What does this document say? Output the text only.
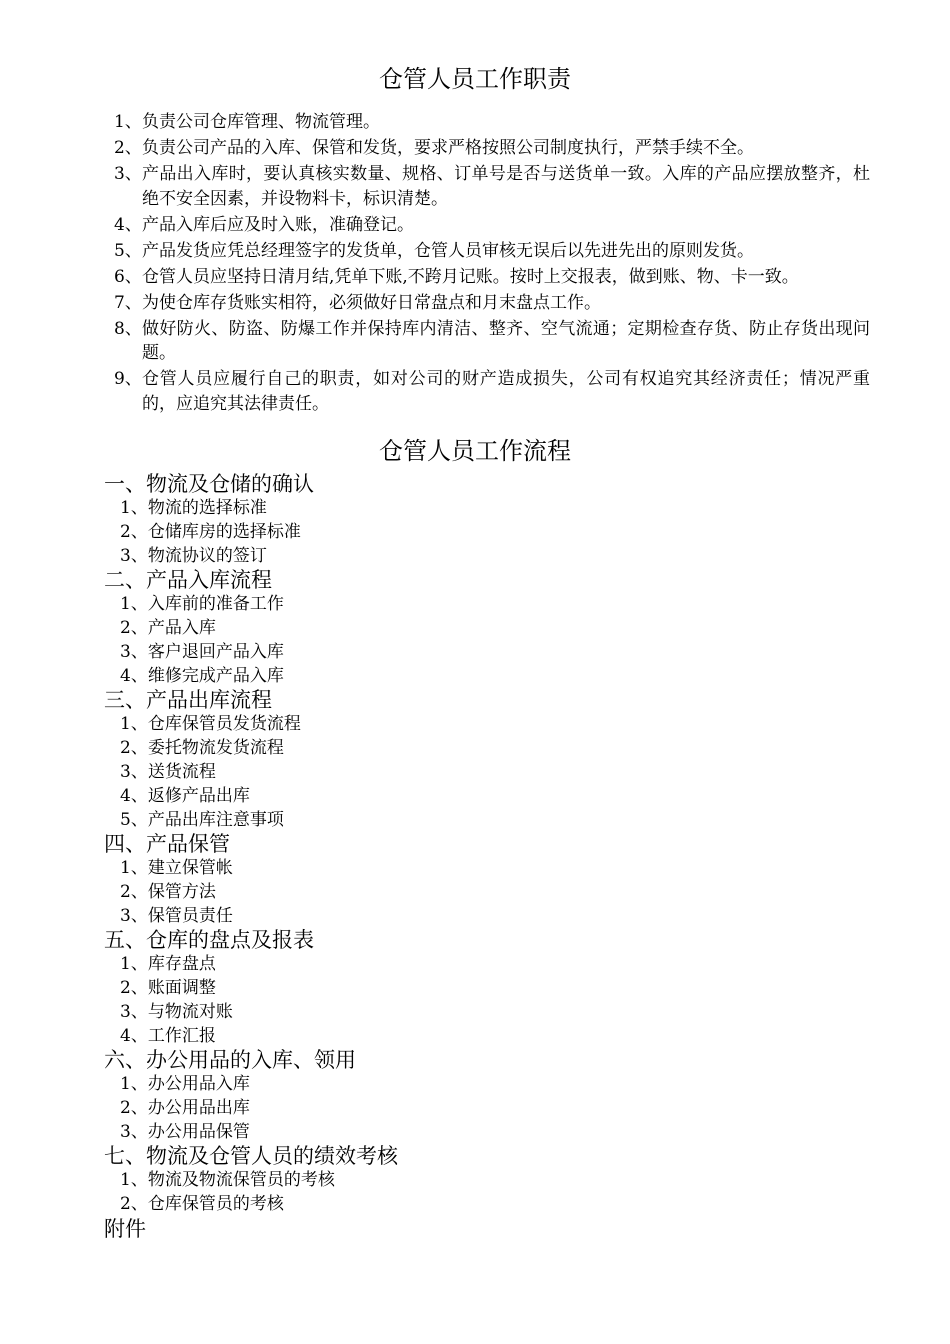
仓管人员工作职责
1、 负责公司仓库管理、物流管理。
2、 负责公司产品的入库、保管和发货，要求严格按照公司制度执行，严禁手续不全。
3、 产品出入库时，要认真核实数量、规格、订单号是否与送货单一致。入库的产品应摆放整齐，杜绝不安全因素，并设物料卡，标识清楚。
4、 产品入库后应及时入账，准确登记。
5、 产品发货应凭总经理签字的发货单，仓管人员审核无误后以先进先出的原则发货。
6、 仓管人员应坚持日清月结,凭单下账,不跨月记账。按时上交报表，做到账、物、卡一致。
7、 为使仓库存货账实相符，必须做好日常盘点和月末盘点工作。
8、 做好防火、防盗、防爆工作并保持库内清洁、整齐、空气流通；定期检查存货、防止存货出现问题。
9、 仓管人员应履行自己的职责，如对公司的财产造成损失，公司有权追究其经济责任；情况严重的，应追究其法律责任。
仓管人员工作流程
一、物流及仓储的确认
1、物流的选择标准
2、仓储库房的选择标准
3、物流协议的签订
二、产品入库流程
1、入库前的准备工作
2、产品入库
3、客户退回产品入库
4、维修完成产品入库
三、产品出库流程
1、仓库保管员发货流程
2、委托物流发货流程
3、送货流程
4、返修产品出库
5、产品出库注意事项
四、产品保管
1、建立保管帐
2、保管方法
3、保管员责任
五、仓库的盘点及报表
1、库存盘点
2、账面调整
3、与物流对账
4、工作汇报
六、办公用品的入库、领用
1、办公用品入库
2、办公用品出库
3、办公用品保管
七、物流及仓管人员的绩效考核
1、物流及物流保管员的考核
2、仓库保管员的考核
附件
